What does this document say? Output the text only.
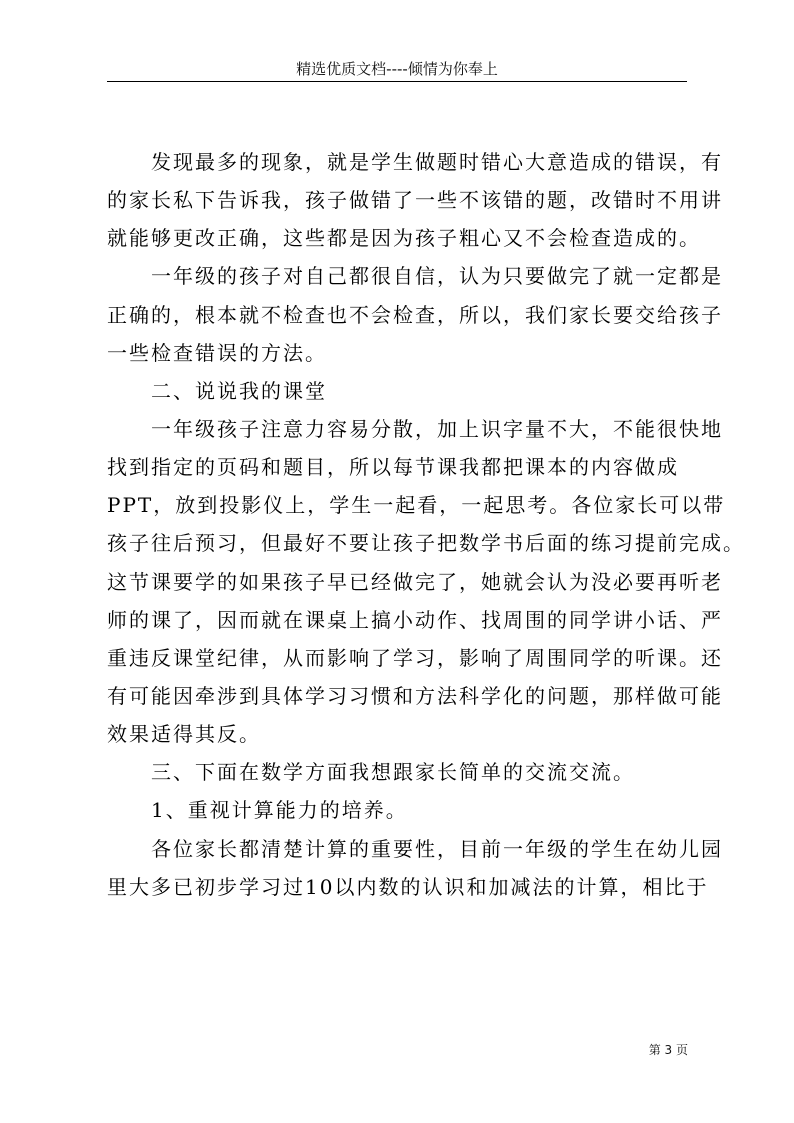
精选优质文档----倾情为你奉上
发现最多的现象，就是学生做题时错心大意造成的错误，有
的家长私下告诉我，孩子做错了一些不该错的题，改错时不用讲
就能够更改正确，这些都是因为孩子粗心又不会检查造成的。
一年级的孩子对自己都很自信，认为只要做完了就一定都是
正确的，根本就不检查也不会检查，所以，我们家长要交给孩子
一些检查错误的方法。
二、说说我的课堂
一年级孩子注意力容易分散，加上识字量不大，不能很快地
找到指定的页码和题目，所以每节课我都把课本的内容做成
PPT，放到投影仪上，学生一起看，一起思考。各位家长可以带
孩子往后预习，但最好不要让孩子把数学书后面的练习提前完成。
这节课要学的如果孩子早已经做完了，她就会认为没必要再听老
师的课了，因而就在课桌上搞小动作、找周围的同学讲小话、严
重违反课堂纪律，从而影响了学习，影响了周围同学的听课。还
有可能因牵涉到具体学习习惯和方法科学化的问题，那样做可能
效果适得其反。
三、下面在数学方面我想跟家长简单的交流交流。
1、重视计算能力的培养。
各位家长都清楚计算的重要性，目前一年级的学生在幼儿园
里大多已初步学习过10以内数的认识和加减法的计算，相比于
第 3 页
